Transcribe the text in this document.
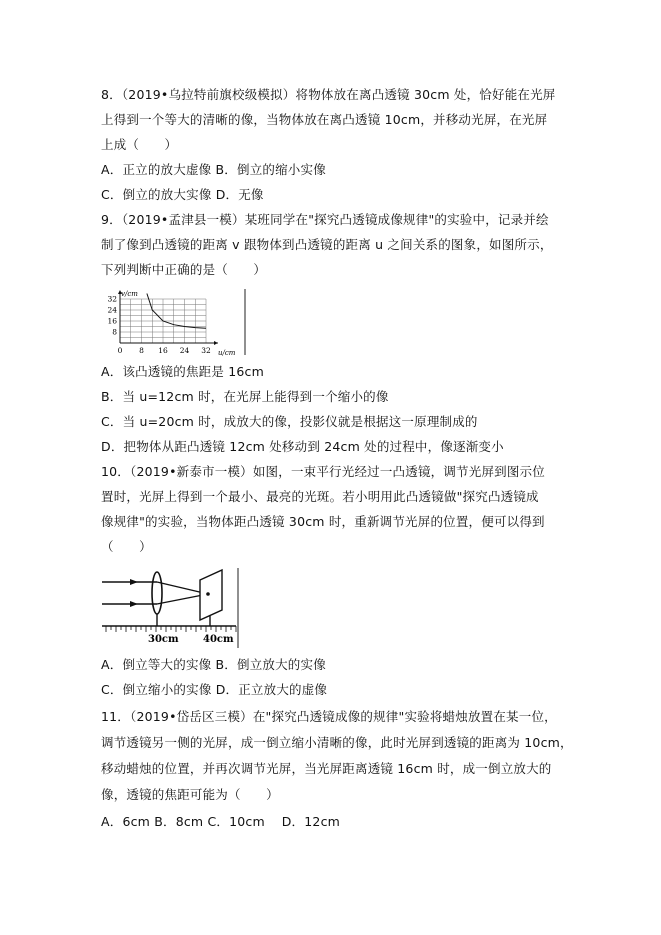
8．（2019•乌拉特前旗校级模拟）将物体放在离凸透镜 30cm 处，恰好能在光屏
上得到一个等大的清晰的像，当物体放在离凸透镜 10cm，并移动光屏，在光屏
上成（　　）
A．正立的放大虚像 B．倒立的缩小实像
C．倒立的放大实像 D．无像
9．（2019•孟津县一模）某班同学在"探究凸透镜成像规律"的实验中，记录并绘
制了像到凸透镜的距离 v 跟物体到凸透镜的距离 u 之间关系的图象，如图所示，
下列判断中正确的是（　　）
0 8 16 24 32
8
16
24
32
v/cm
u/cm
A．该凸透镜的焦距是 16cm
B．当 u=12cm 时，在光屏上能得到一个缩小的像
C．当 u=20cm 时，成放大的像，投影仪就是根据这一原理制成的
D．把物体从距凸透镜 12cm 处移动到 24cm 处的过程中，像逐渐变小
10．（2019•新泰市一模）如图，一束平行光经过一凸透镜，调节光屏到图示位
置时，光屏上得到一个最小、最亮的光斑。若小明用此凸透镜做"探究凸透镜成
像规律"的实验，当物体距凸透镜 30cm 时，重新调节光屏的位置，便可以得到
（　　）
30cm 40cm
A．倒立等大的实像 B．倒立放大的实像
C．倒立缩小的实像 D．正立放大的虚像
11．（2019•岱岳区三模）在"探究凸透镜成像的规律"实验将蜡烛放置在某一位，
调节透镜另一侧的光屏，成一倒立缩小清晰的像，此时光屏到透镜的距离为 10cm，
移动蜡烛的位置，并再次调节光屏，当光屏距离透镜 16cm 时，成一倒立放大的
像，透镜的焦距可能为（　　）
A．6cm B．8cm C．10cm　 D．12cm
